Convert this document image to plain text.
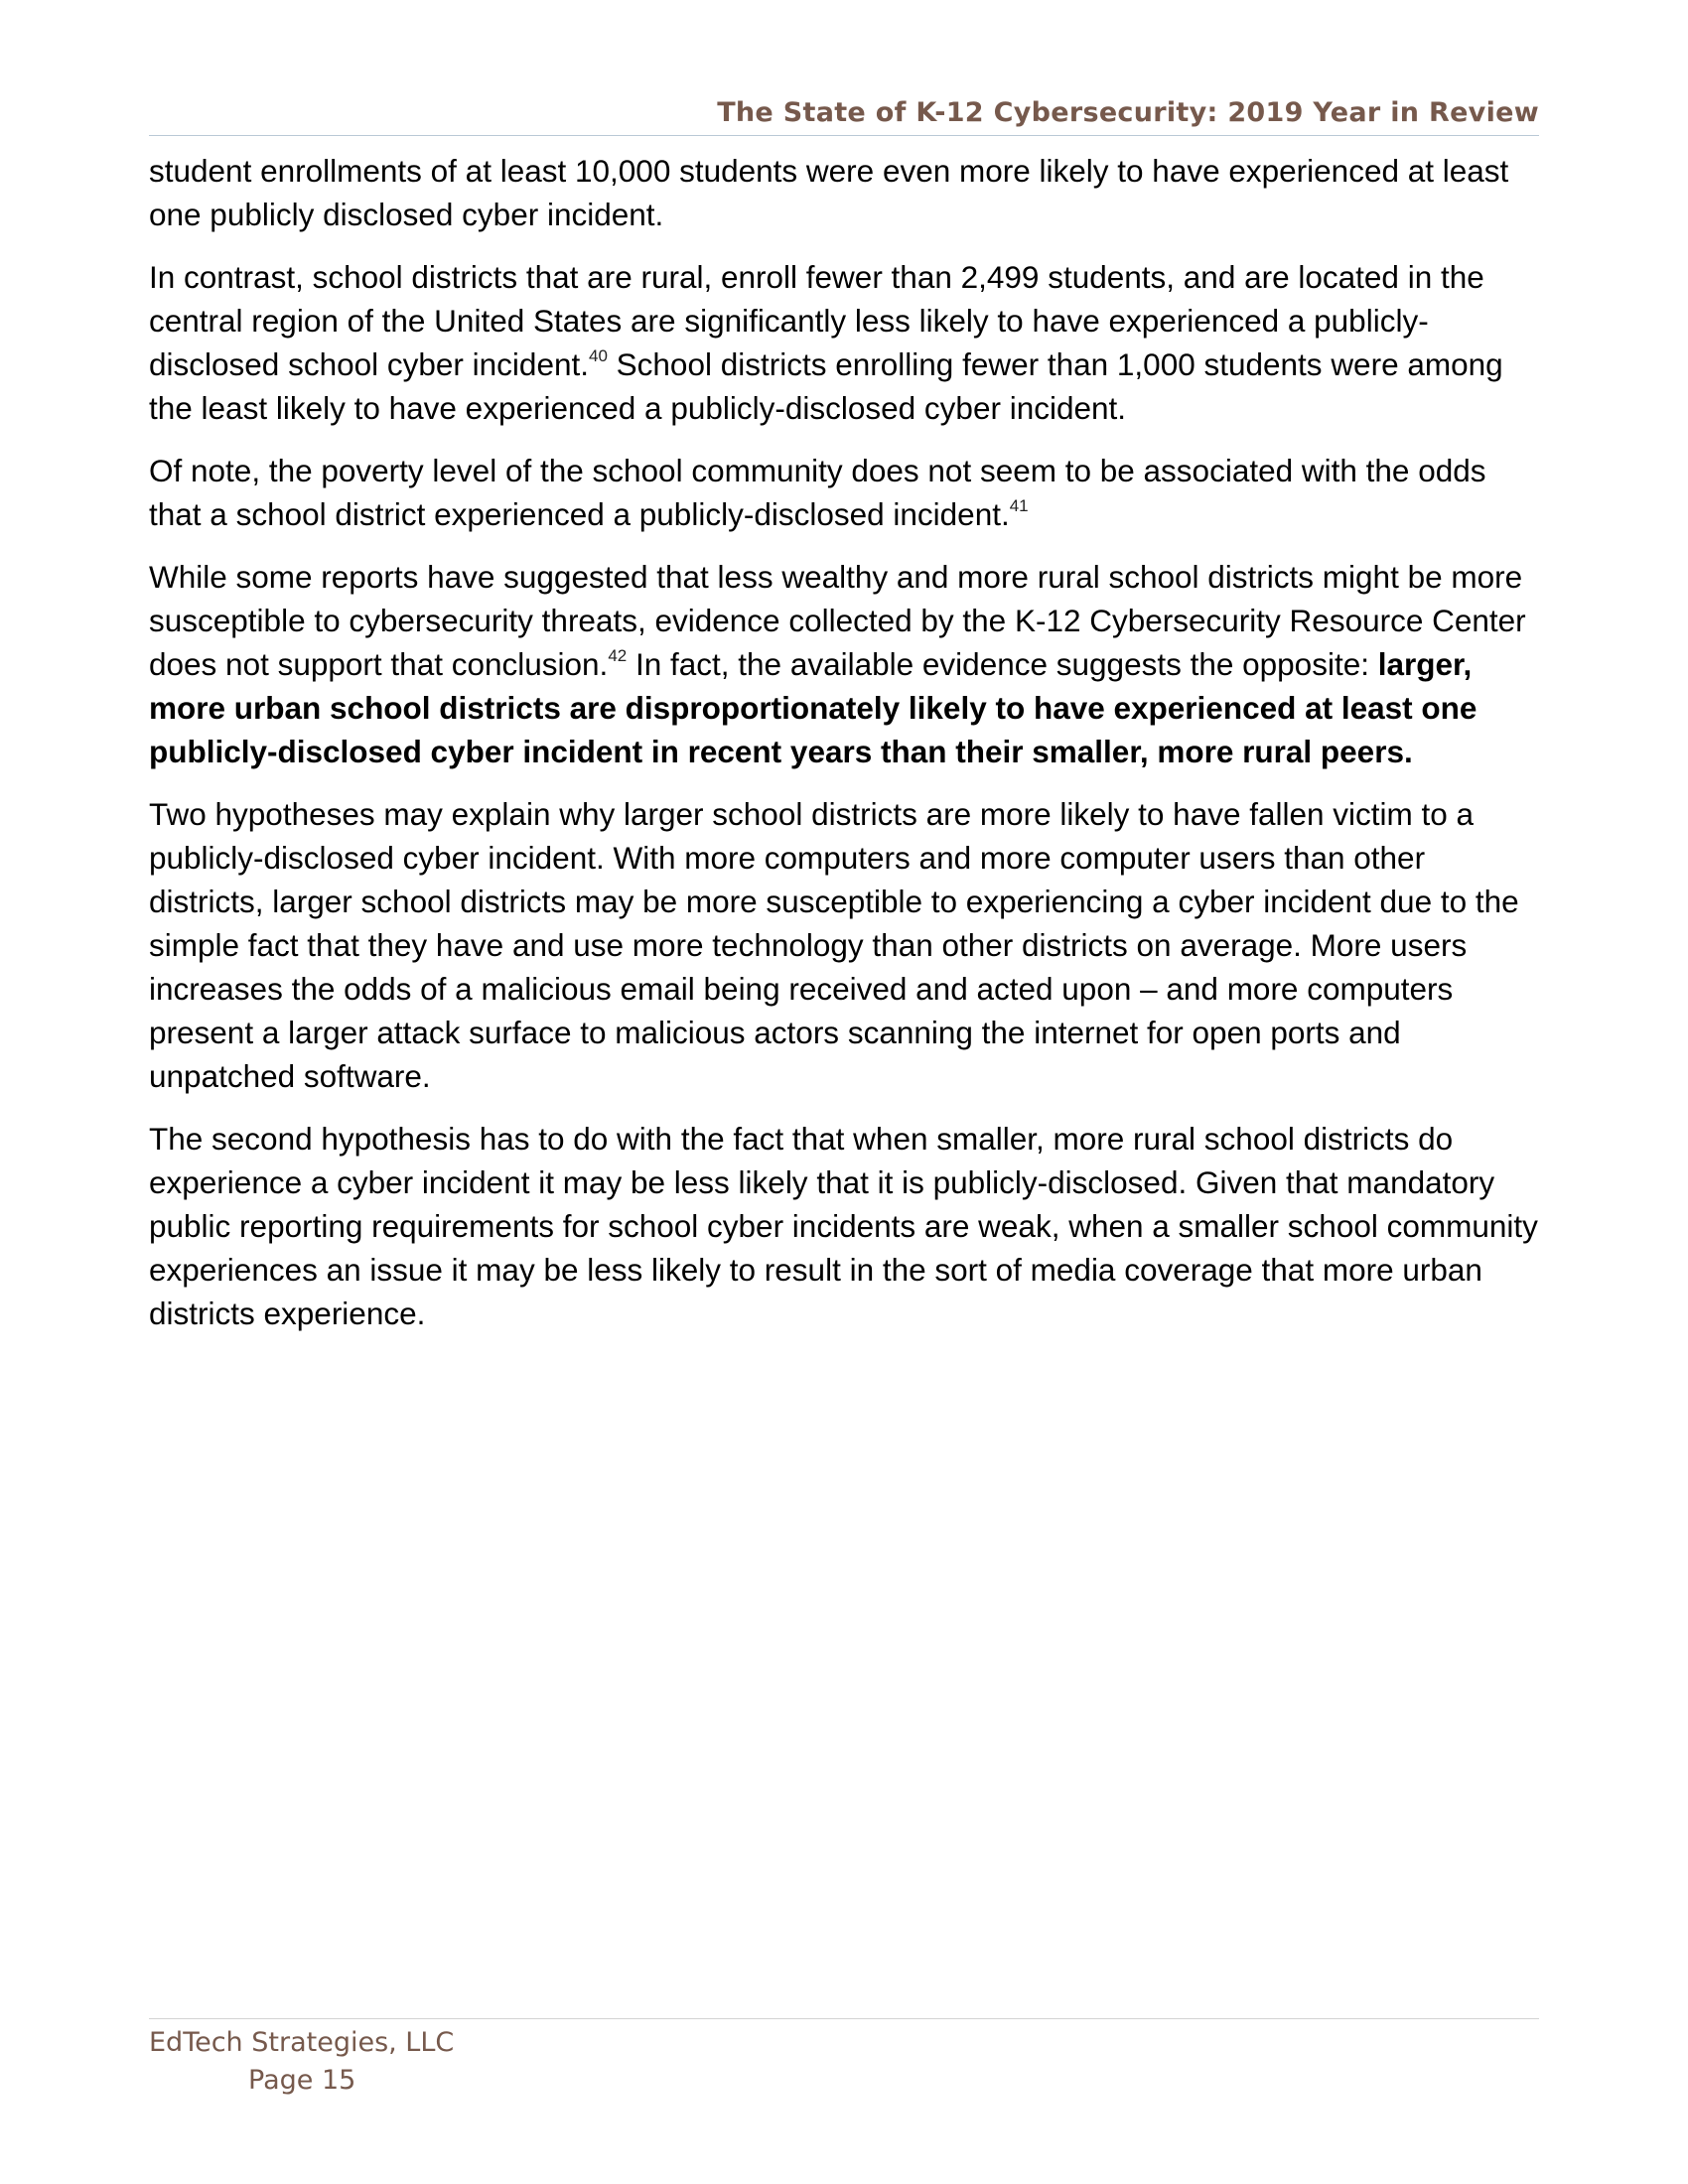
The State of K-12 Cybersecurity: 2019 Year in Review

student enrollments of at least 10,000 students were even more likely to have experienced at least one publicly disclosed cyber incident.

In contrast, school districts that are rural, enroll fewer than 2,499 students, and are located in the central region of the United States are significantly less likely to have experienced a publicly-disclosed school cyber incident.$^{40}$ School districts enrolling fewer than 1,000 students were among the least likely to have experienced a publicly-disclosed cyber incident.

Of note, the poverty level of the school community does not seem to be associated with the odds that a school district experienced a publicly-disclosed incident.$^{41}$

While some reports have suggested that less wealthy and more rural school districts might be more susceptible to cybersecurity threats, evidence collected by the K-12 Cybersecurity Resource Center does not support that conclusion.$^{42}$ In fact, the available evidence suggests the opposite: larger, more urban school districts are disproportionately likely to have experienced at least one publicly-disclosed cyber incident in recent years than their smaller, more rural peers.

Two hypotheses may explain why larger school districts are more likely to have fallen victim to a publicly-disclosed cyber incident. With more computers and more computer users than other districts, larger school districts may be more susceptible to experiencing a cyber incident due to the simple fact that they have and use more technology than other districts on average. More users increases the odds of a malicious email being received and acted upon – and more computers present a larger attack surface to malicious actors scanning the internet for open ports and unpatched software.

The second hypothesis has to do with the fact that when smaller, more rural school districts do experience a cyber incident it may be less likely that it is publicly-disclosed. Given that mandatory public reporting requirements for school cyber incidents are weak, when a smaller school community experiences an issue it may be less likely to result in the sort of media coverage that more urban districts experience.

EdTech Strategies, LLC
Page 15
